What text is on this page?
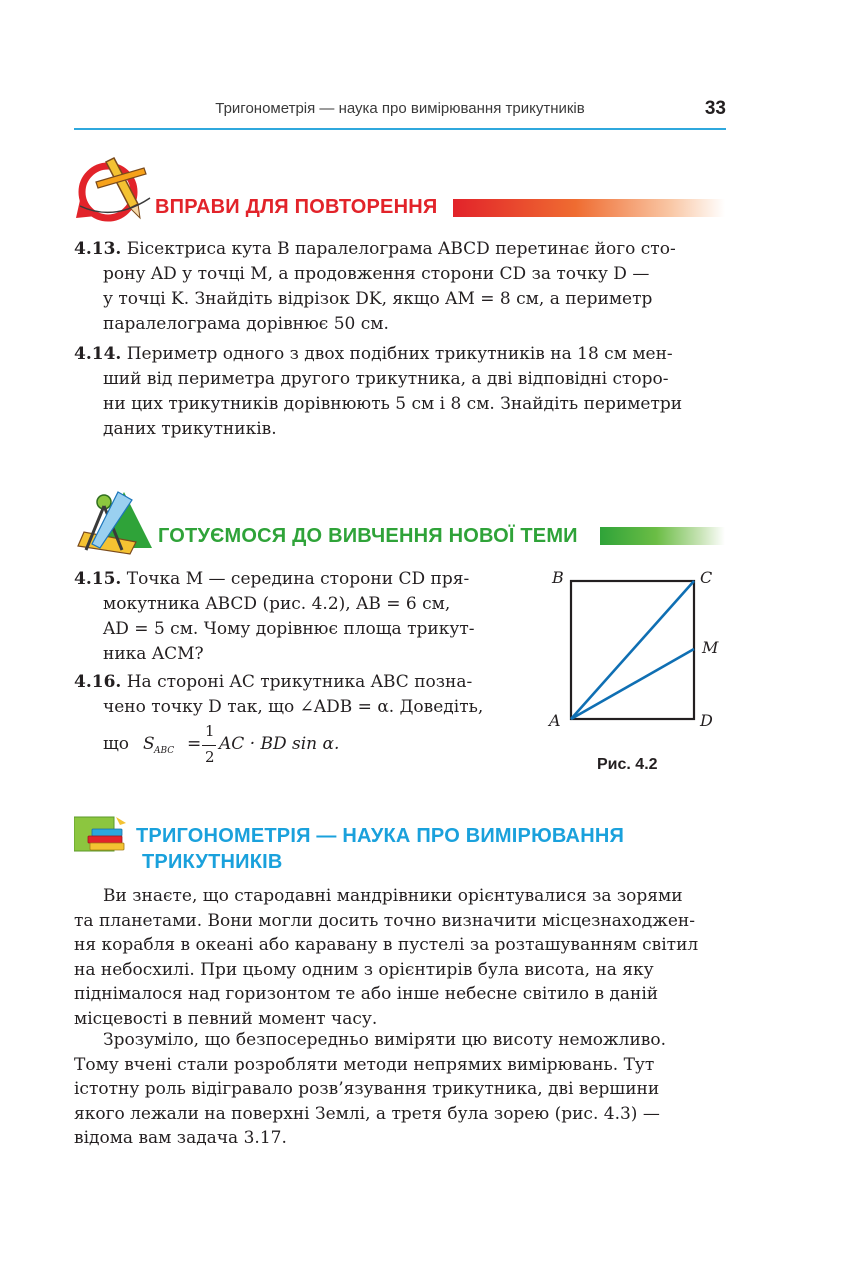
Тригонометрія — наука про вимірювання трикутників	33
ВПРАВИ ДЛЯ ПОВТОРЕННЯ
4.13. Бісектриса кута B паралелограма ABCD перетинає його сто-
рону AD у точці M, а продовження сторони CD за точку D —
у точці K. Знайдіть відрізок DK, якщо AM = 8 см, а периметр
паралелограма дорівнює 50 см.
4.14. Периметр одного з двох подібних трикутників на 18 см мен-
ший від периметра другого трикутника, а дві відповідні сторо-
ни цих трикутників дорівнюють 5 см і 8 см. Знайдіть периметри
даних трикутників.
ГОТУЄМОСЯ ДО ВИВЧЕННЯ НОВОЇ ТЕМИ
4.15. Точка M — середина сторони CD пря-
мокутника ABCD (рис. 4.2), AB = 6 см,
AD = 5 см. Чому дорівнює площа трикут-
ника ACM?
4.16. На стороні AC трикутника ABC позна-
чено точку D так, що ∠ADB = α. Доведіть,
що S ABC =
1
2
AC · BD sin α.
B	C
M
A	D
Рис. 4.2
ТРИГОНОМЕТРІЯ — НАУКА ПРО ВИМІРЮВАННЯ
ТРИКУТНИКІВ
Ви знаєте, що стародавні мандрівники орієнтувалися за зорями
та планетами. Вони могли досить точно визначити місцезнаходжен-
ня корабля в океані або каравану в пустелі за розташуванням світил
на небосхилі. При цьому одним з орієнтирів була висота, на яку
піднімалося над горизонтом те або інше небесне світило в даній
місцевості в певний момент часу.
Зрозуміло, що безпосередньо виміряти цю висоту неможливо.
Тому вчені стали розробляти методи непрямих вимірювань. Тут
істотну роль відігравало розв’язування трикутника, дві вершини
якого лежали на поверхні Землі, а третя була зорею (рис. 4.3) —
відома вам задача 3.17.
